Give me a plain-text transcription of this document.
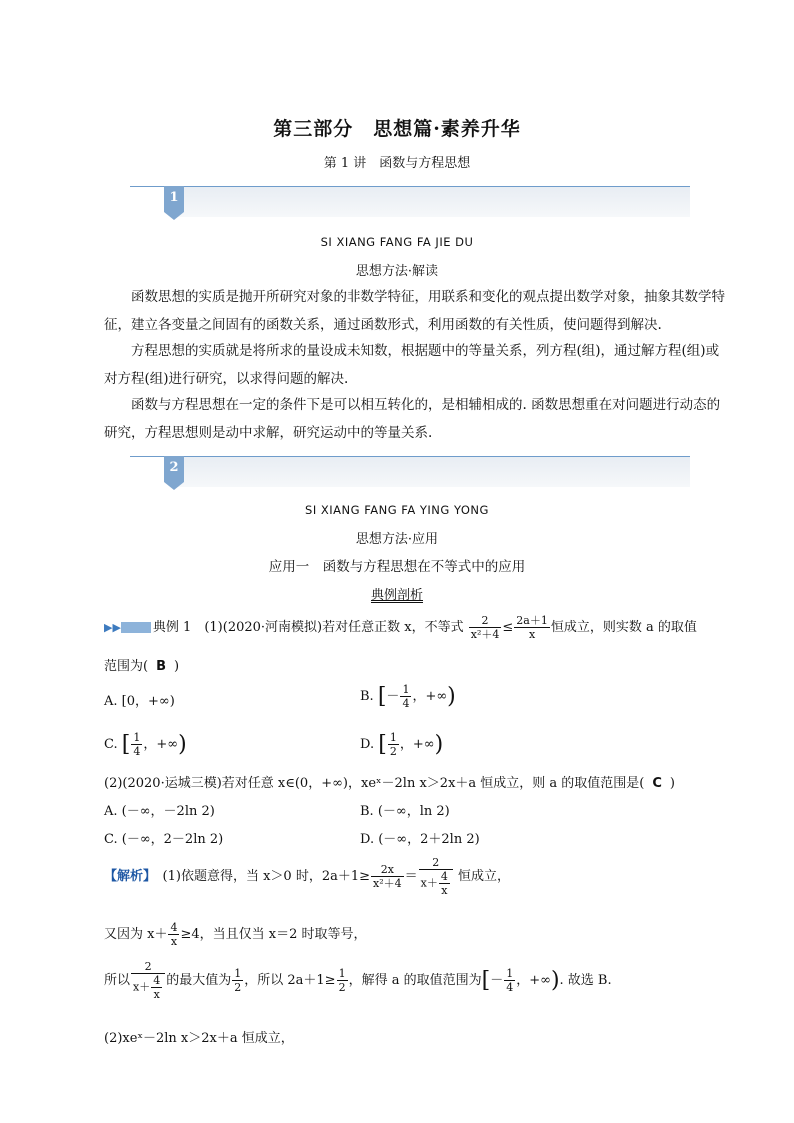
第三部分　思想篇·素养升华
第 1 讲　函数与方程思想
1
SI XIANG FANG FA JIE DU
思想方法·解读
　　函数思想的实质是抛开所研究对象的非数学特征，用联系和变化的观点提出数学对象，抽象其数学特
征，建立各变量之间固有的函数关系，通过函数形式，利用函数的有关性质，使问题得到解决.
　　方程思想的实质就是将所求的量设成未知数，根据题中的等量关系，列方程(组)，通过解方程(组)或
对方程(组)进行研究，以求得问题的解决.
　　函数与方程思想在一定的条件下是可以相互转化的，是相辅相成的. 函数思想重在对问题进行动态的
研究，方程思想则是动中求解，研究运动中的等量关系.
2
SI XIANG FANG FA YING YONG
思想方法·应用
应用一　函数与方程思想在不等式中的应用
典例剖析
▶▶ 典例 1　 (1)(2020·河南模拟)若对任意正数 x，不等式 $\frac{2}{\text{x²＋4}} \le \frac{2a+1}{x}$ 恒成立，则实数 a 的取值
范围为( B )
A. [0，+∞)	B. [－ $\frac{1}{4}$ ，+∞)
C. [ $\frac{1}{4}$ ，+∞)	D. [ $\frac{1}{2}$ ，+∞)
(2)(2020·运城三模)若对任意 x∈(0，+∞)，xeˣ－2ln x＞2x＋a 恒成立，则 a 的取值范围是( C )
A. (－∞，－2ln 2)	B. (－∞，ln 2)
C. (－∞，2－2ln 2)	D. (－∞，2＋2ln 2)
【解析】　 (1)依题意得，当 x＞0 时，$2a+1\ge \frac{2x}{\text{x²＋4}} = \frac{2}{x+ \frac{4}{x}}$ 恒成立，
又因为 $x+ \frac{4}{x} \ge 4$，当且仅当 x＝2 时取等号，
所以 $\frac{2}{x+ \frac{4}{x}}$ 的最大值为 $\frac{1}{2}$ ，所以 $2a+1\ge \frac{1}{2}$ ，解得 a 的取值范围为[－ $\frac{1}{4}$ ，+∞). 故选 B.
(2)xeˣ－2ln x＞2x＋a 恒成立，
